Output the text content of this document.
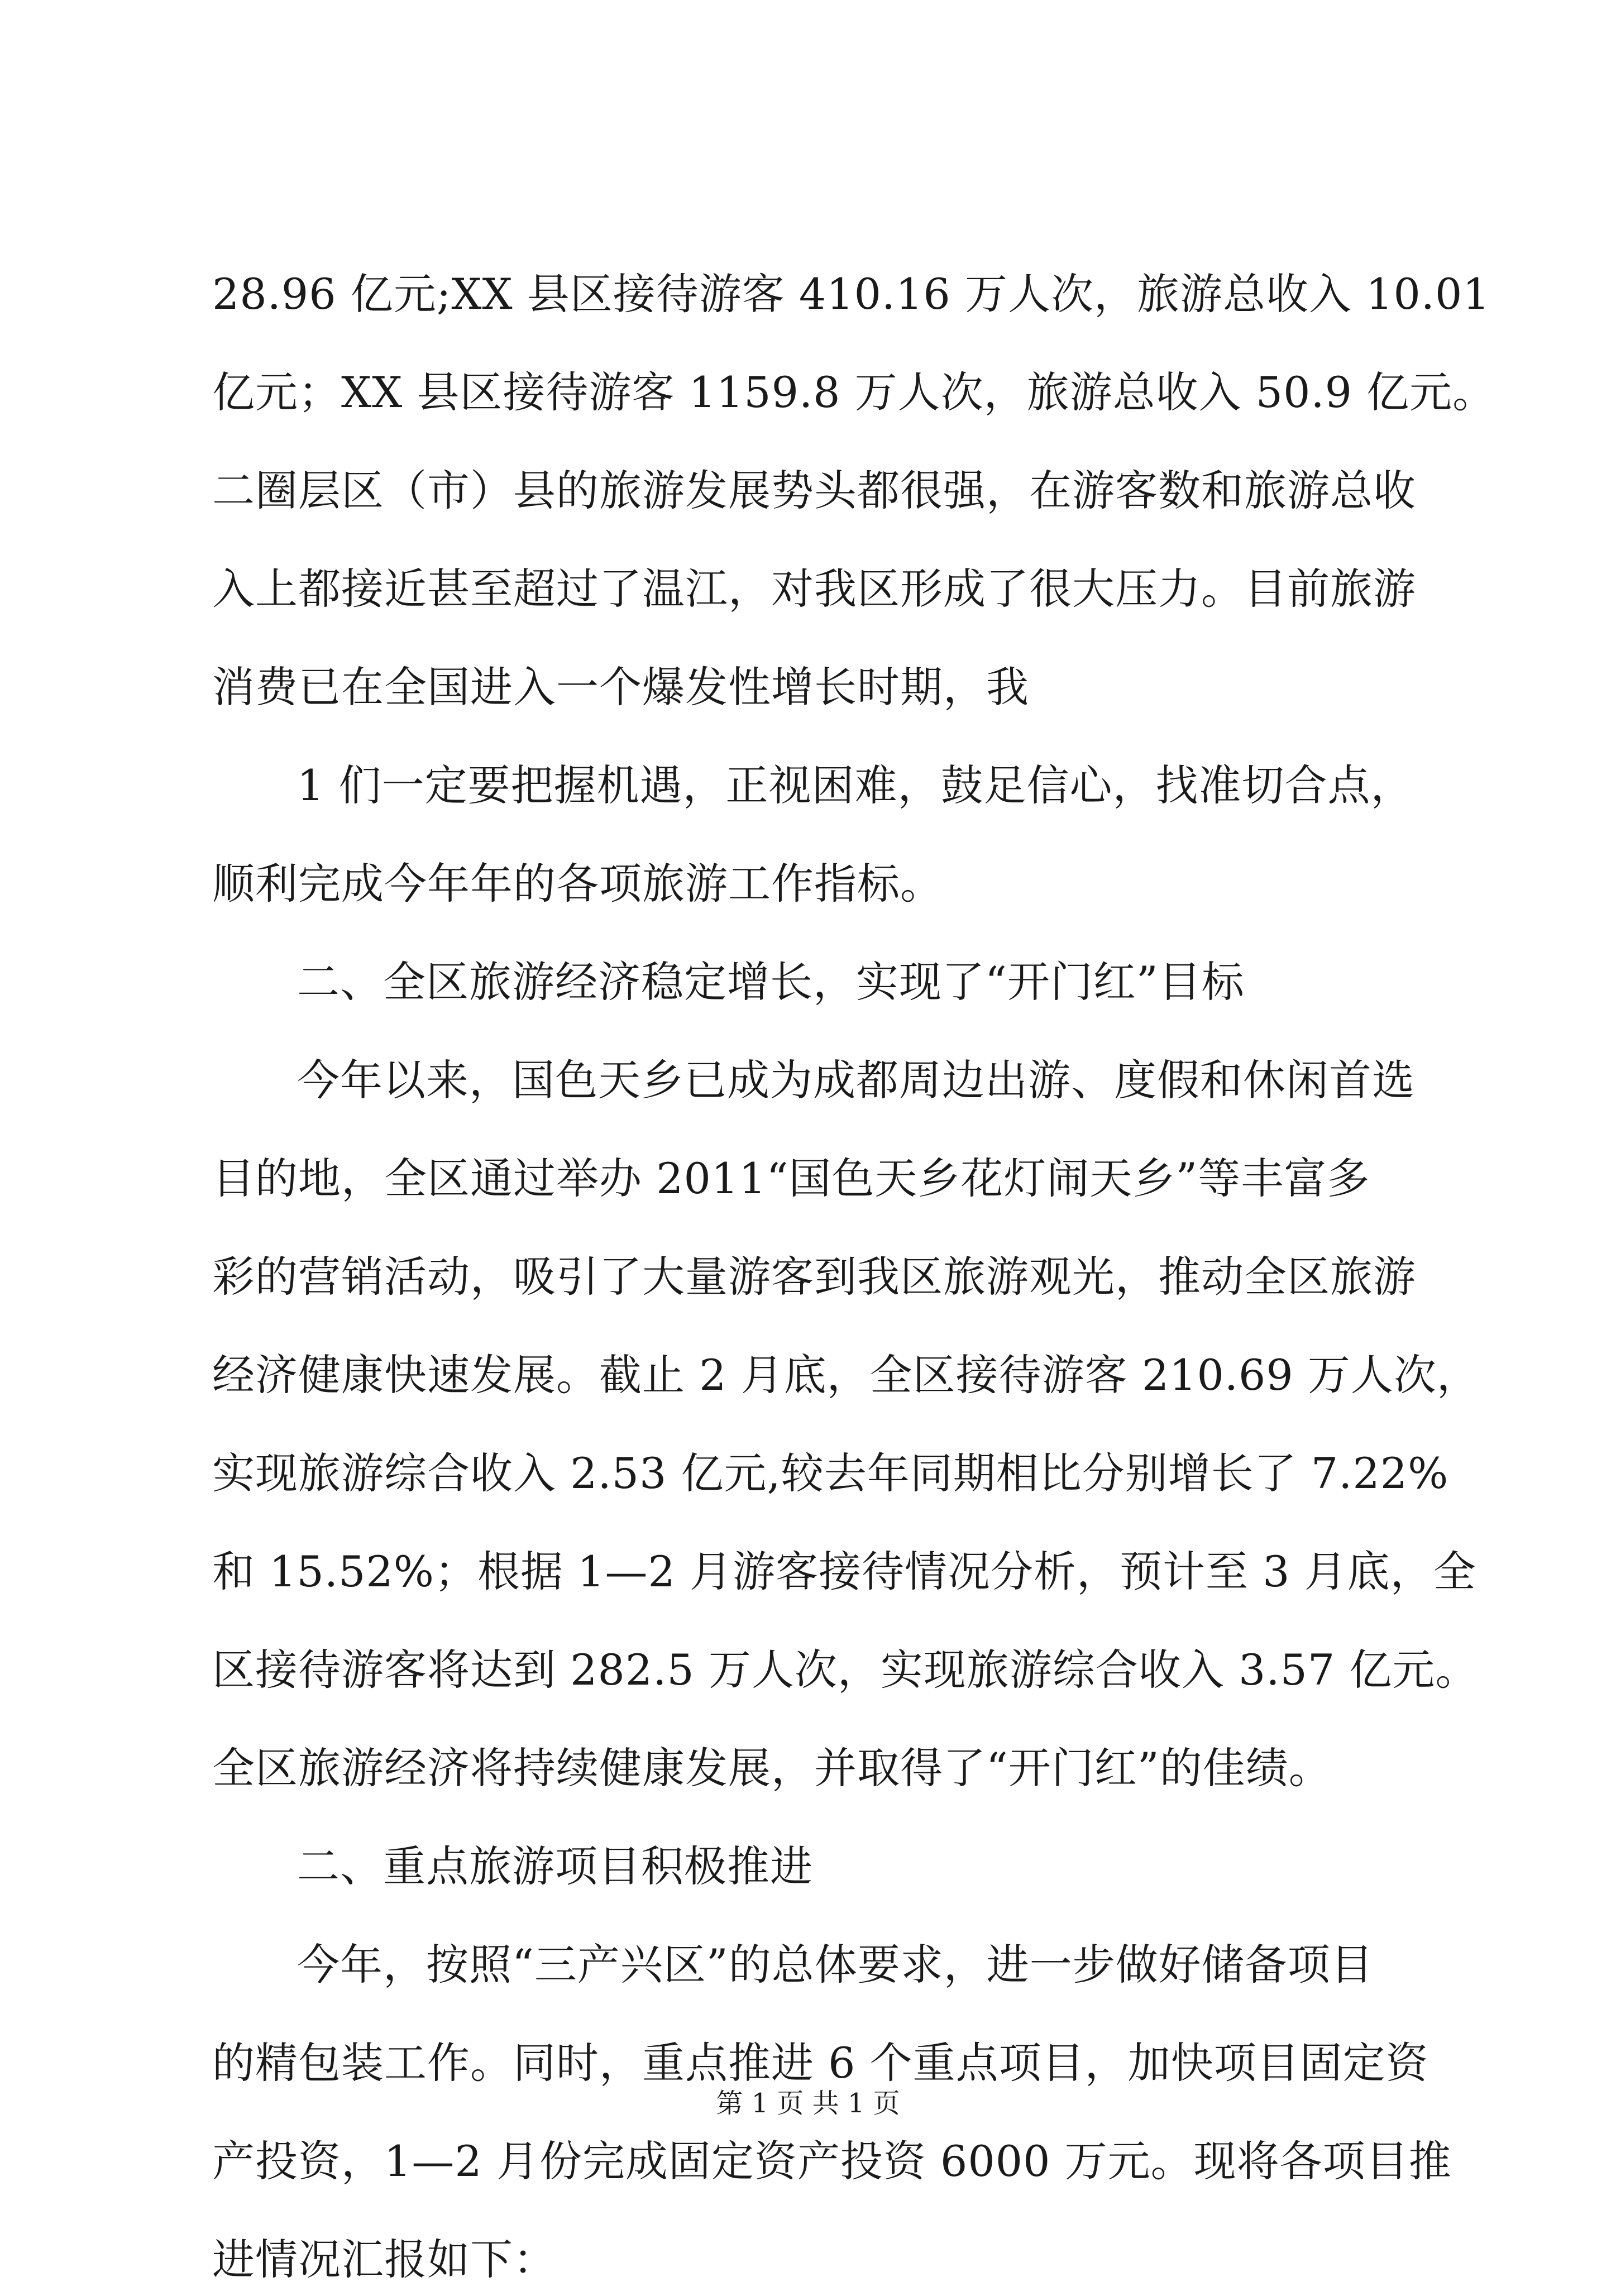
28.96 亿元;XX 县区接待游客 410.16 万人次，旅游总收入 10.01
亿元；XX 县区接待游客 1159.8 万人次，旅游总收入 50.9 亿元。
二圈层区（市）县的旅游发展势头都很强，在游客数和旅游总收
入上都接近甚至超过了温江，对我区形成了很大压力。目前旅游
消费已在全国进入一个爆发性增长时期，我
1 们一定要把握机遇，正视困难，鼓足信心，找准切合点，
顺利完成今年年的各项旅游工作指标。
二、全区旅游经济稳定增长，实现了“开门红”目标
今年以来，国色天乡已成为成都周边出游、度假和休闲首选
目的地，全区通过举办 2011“国色天乡花灯闹天乡”等丰富多
彩的营销活动，吸引了大量游客到我区旅游观光，推动全区旅游
经济健康快速发展。截止 2 月底，全区接待游客 210.69 万人次，
实现旅游综合收入 2.53 亿元,较去年同期相比分别增长了 7.22%
和 15.52%；根据 1—2 月游客接待情况分析，预计至 3 月底，全
区接待游客将达到 282.5 万人次，实现旅游综合收入 3.57 亿元。
全区旅游经济将持续健康发展，并取得了“开门红”的佳绩。
二、重点旅游项目积极推进
今年，按照“三产兴区”的总体要求，进一步做好储备项目
的精包装工作。同时，重点推进 6 个重点项目，加快项目固定资
产投资，1—2 月份完成固定资产投资 6000 万元。现将各项目推
进情况汇报如下：
第 1 页 共 1 页
